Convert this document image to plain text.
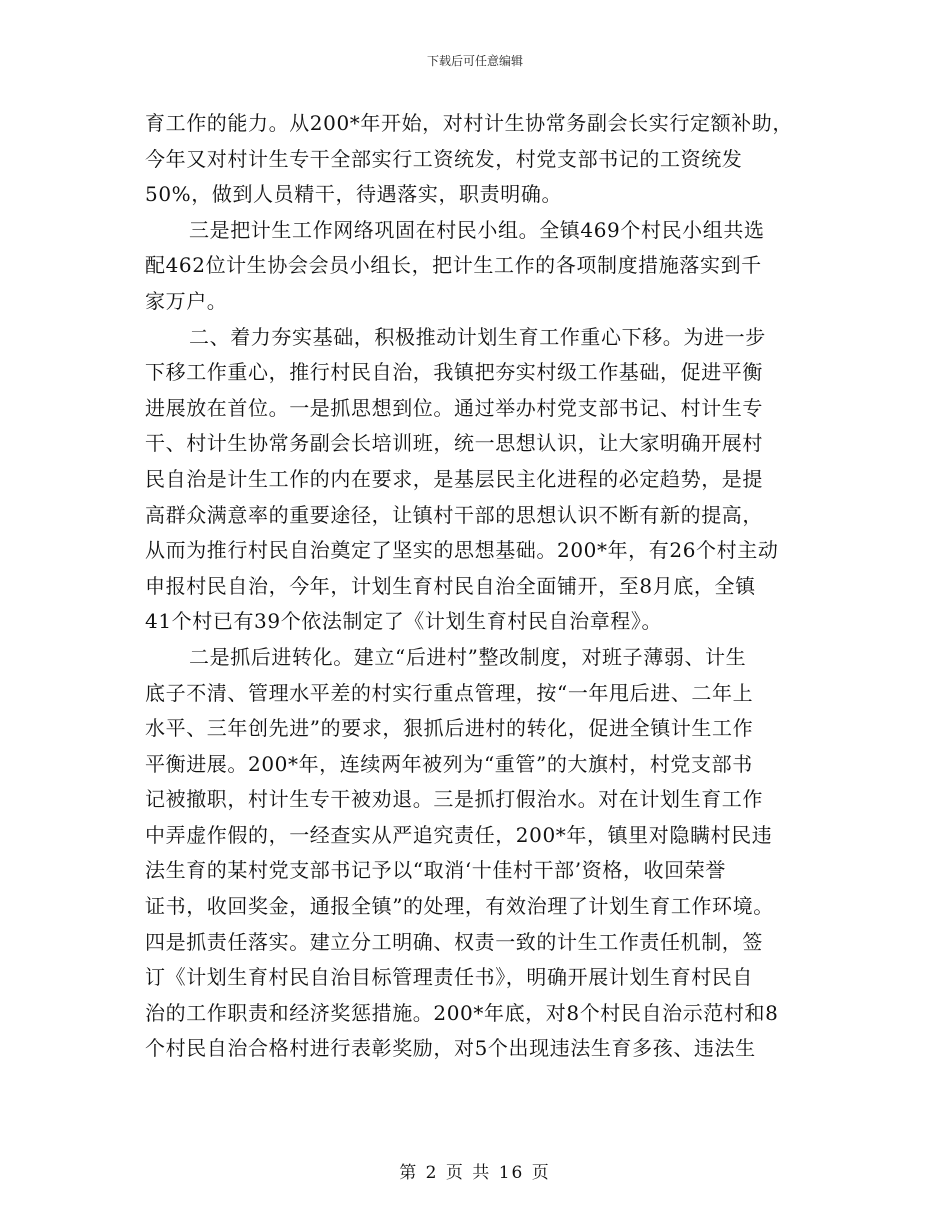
下载后可任意编辑
育工作的能力。从200*年开始，对村计生协常务副会长实行定额补助，
今年又对村计生专干全部实行工资统发，村党支部书记的工资统发
50%，做到人员精干，待遇落实，职责明确。
三是把计生工作网络巩固在村民小组。全镇469个村民小组共选
配462位计生协会会员小组长，把计生工作的各项制度措施落实到千
家万户。
二、着力夯实基础，积极推动计划生育工作重心下移。为进一步
下移工作重心，推行村民自治，我镇把夯实村级工作基础，促进平衡
进展放在首位。一是抓思想到位。通过举办村党支部书记、村计生专
干、村计生协常务副会长培训班，统一思想认识，让大家明确开展村
民自治是计生工作的内在要求，是基层民主化进程的必定趋势，是提
高群众满意率的重要途径，让镇村干部的思想认识不断有新的提高，
从而为推行村民自治奠定了坚实的思想基础。200*年，有26个村主动
申报村民自治，今年，计划生育村民自治全面铺开，至8月底，全镇
41个村已有39个依法制定了《计划生育村民自治章程》。
二是抓后进转化。建立“后进村”整改制度，对班子薄弱、计生
底子不清、管理水平差的村实行重点管理，按“一年甩后进、二年上
水平、三年创先进”的要求，狠抓后进村的转化，促进全镇计生工作
平衡进展。200*年，连续两年被列为“重管”的大旗村，村党支部书
记被撤职，村计生专干被劝退。三是抓打假治水。对在计划生育工作
中弄虚作假的，一经查实从严追究责任，200*年，镇里对隐瞒村民违
法生育的某村党支部书记予以“取消‘十佳村干部’资格，收回荣誉
证书，收回奖金，通报全镇”的处理，有效治理了计划生育工作环境。
四是抓责任落实。建立分工明确、权责一致的计生工作责任机制，签
订《计划生育村民自治目标管理责任书》，明确开展计划生育村民自
治的工作职责和经济奖惩措施。200*年底，对8个村民自治示范村和8
个村民自治合格村进行表彰奖励，对5个出现违法生育多孩、违法生
第 2 页 共 16 页
